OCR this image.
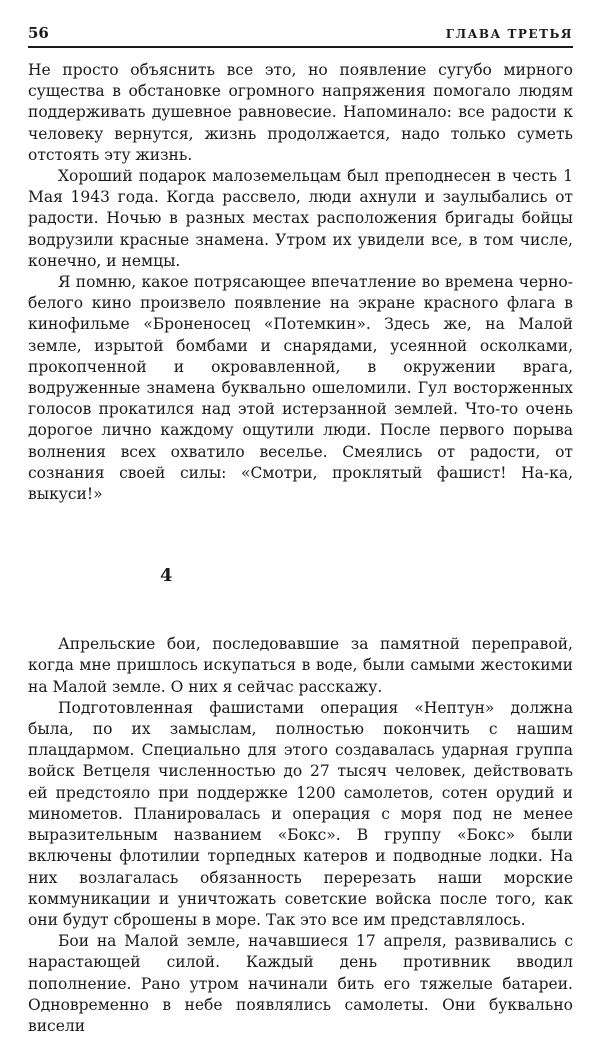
56	ГЛАВА ТРЕТЬЯ

Не просто объяснить все это, но появление сугубо мирного существа в обстановке огромного напряжения помогало людям поддерживать душевное равновесие. Напоминало: все радости к человеку вернутся, жизнь продолжается, надо только суметь отстоять эту жизнь.

Хороший подарок малоземельцам был преподнесен в честь 1 Мая 1943 года. Когда рассвело, люди ахнули и заулыбались от радости. Ночью в разных местах расположения бригады бойцы водрузили красные знамена. Утром их увидели все, в том числе, конечно, и немцы.

Я помню, какое потрясающее впечатление во времена черно-белого кино произвело появление на экране красного флага в кинофильме «Броненосец «Потемкин». Здесь же, на Малой земле, изрытой бомбами и снарядами, усеянной осколками, прокопченной и окровавленной, в окружении врага, водруженные знамена буквально ошеломили. Гул восторженных голосов прокатился над этой истерзанной землей. Что-то очень дорогое лично каждому ощутили люди. После первого порыва волнения всех охватило веселье. Смеялись от радости, от сознания своей силы: «Смотри, проклятый фашист! На-ка, выкуси!»

4

Апрельские бои, последовавшие за памятной переправой, когда мне пришлось искупаться в воде, были самыми жестокими на Малой земле. О них я сейчас расскажу.

Подготовленная фашистами операция «Нептун» должна была, по их замыслам, полностью покончить с нашим плацдармом. Специально для этого создавалась ударная группа войск Ветцеля численностью до 27 тысяч человек, действовать ей предстояло при поддержке 1200 самолетов, сотен орудий и минометов. Планировалась и операция с моря под не менее выразительным названием «Бокс». В группу «Бокс» были включены флотилии торпедных катеров и подводные лодки. На них возлагалась обязанность перерезать наши морские коммуникации и уничтожать советские войска после того, как они будут сброшены в море. Так это все им представлялось.

Бои на Малой земле, начавшиеся 17 апреля, развивались с нарастающей силой. Каждый день противник вводил пополнение. Рано утром начинали бить его тяжелые батареи. Одновременно в небе появлялись самолеты. Они буквально висели
